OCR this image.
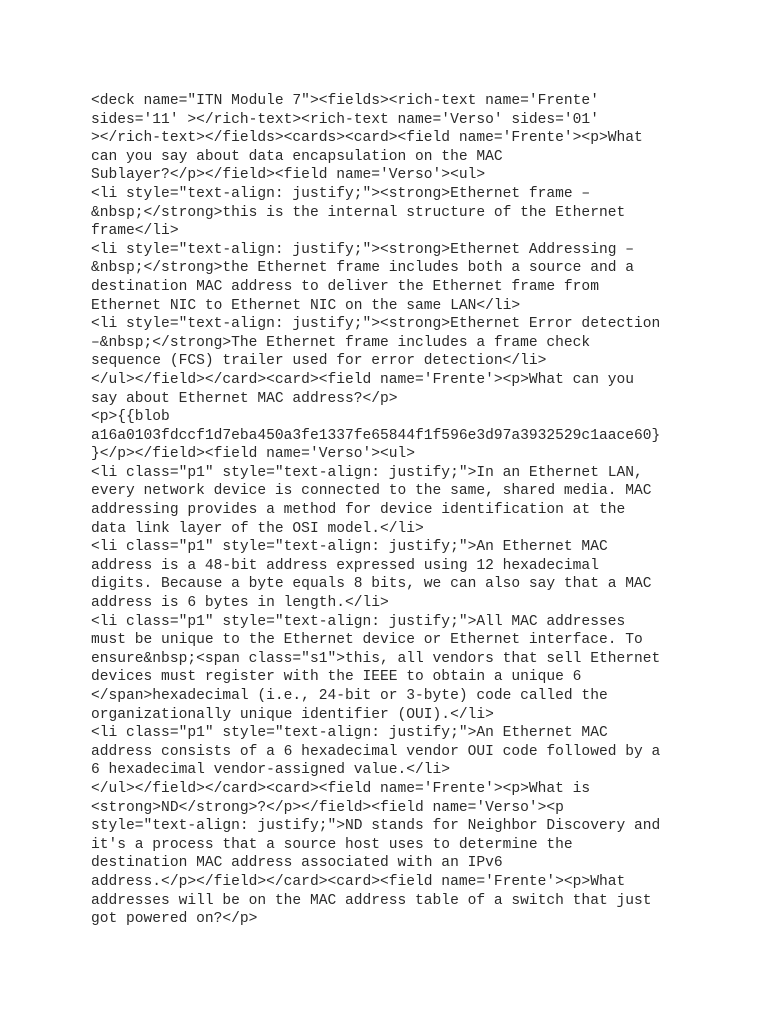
<deck name="ITN Module 7"><fields><rich-text name='Frente'
sides='11' ></rich-text><rich-text name='Verso' sides='01'
></rich-text></fields><cards><card><field name='Frente'><p>What
can you say about data encapsulation on the MAC
Sublayer?</p></field><field name='Verso'><ul>
<li style="text-align: justify;"><strong>Ethernet frame –
&nbsp;</strong>this is the internal structure of the Ethernet
frame</li>
<li style="text-align: justify;"><strong>Ethernet Addressing –
&nbsp;</strong>the Ethernet frame includes both a source and a
destination MAC address to deliver the Ethernet frame from
Ethernet NIC to Ethernet NIC on the same LAN</li>
<li style="text-align: justify;"><strong>Ethernet Error detection
–&nbsp;</strong>The Ethernet frame includes a frame check
sequence (FCS) trailer used for error detection</li>
</ul></field></card><card><field name='Frente'><p>What can you
say about Ethernet MAC address?</p>
<p>{{blob
a16a0103fdccf1d7eba450a3fe1337fe65844f1f596e3d97a3932529c1aace60}
}</p></field><field name='Verso'><ul>
<li class="p1" style="text-align: justify;">In an Ethernet LAN,
every network device is connected to the same, shared media. MAC
addressing provides a method for device identification at the
data link layer of the OSI model.</li>
<li class="p1" style="text-align: justify;">An Ethernet MAC
address is a 48-bit address expressed using 12 hexadecimal
digits. Because a byte equals 8 bits, we can also say that a MAC
address is 6 bytes in length.</li>
<li class="p1" style="text-align: justify;">All MAC addresses
must be unique to the Ethernet device or Ethernet interface. To
ensure&nbsp;<span class="s1">this, all vendors that sell Ethernet
devices must register with the IEEE to obtain a unique 6
</span>hexadecimal (i.e., 24-bit or 3-byte) code called the
organizationally unique identifier (OUI).</li>
<li class="p1" style="text-align: justify;">An Ethernet MAC
address consists of a 6 hexadecimal vendor OUI code followed by a
6 hexadecimal vendor-assigned value.</li>
</ul></field></card><card><field name='Frente'><p>What is
<strong>ND</strong>?</p></field><field name='Verso'><p
style="text-align: justify;">ND stands for Neighbor Discovery and
it's a process that a source host uses to determine the
destination MAC address associated with an IPv6
address.</p></field></card><card><field name='Frente'><p>What
addresses will be on the MAC address table of a switch that just
got powered on?</p>
